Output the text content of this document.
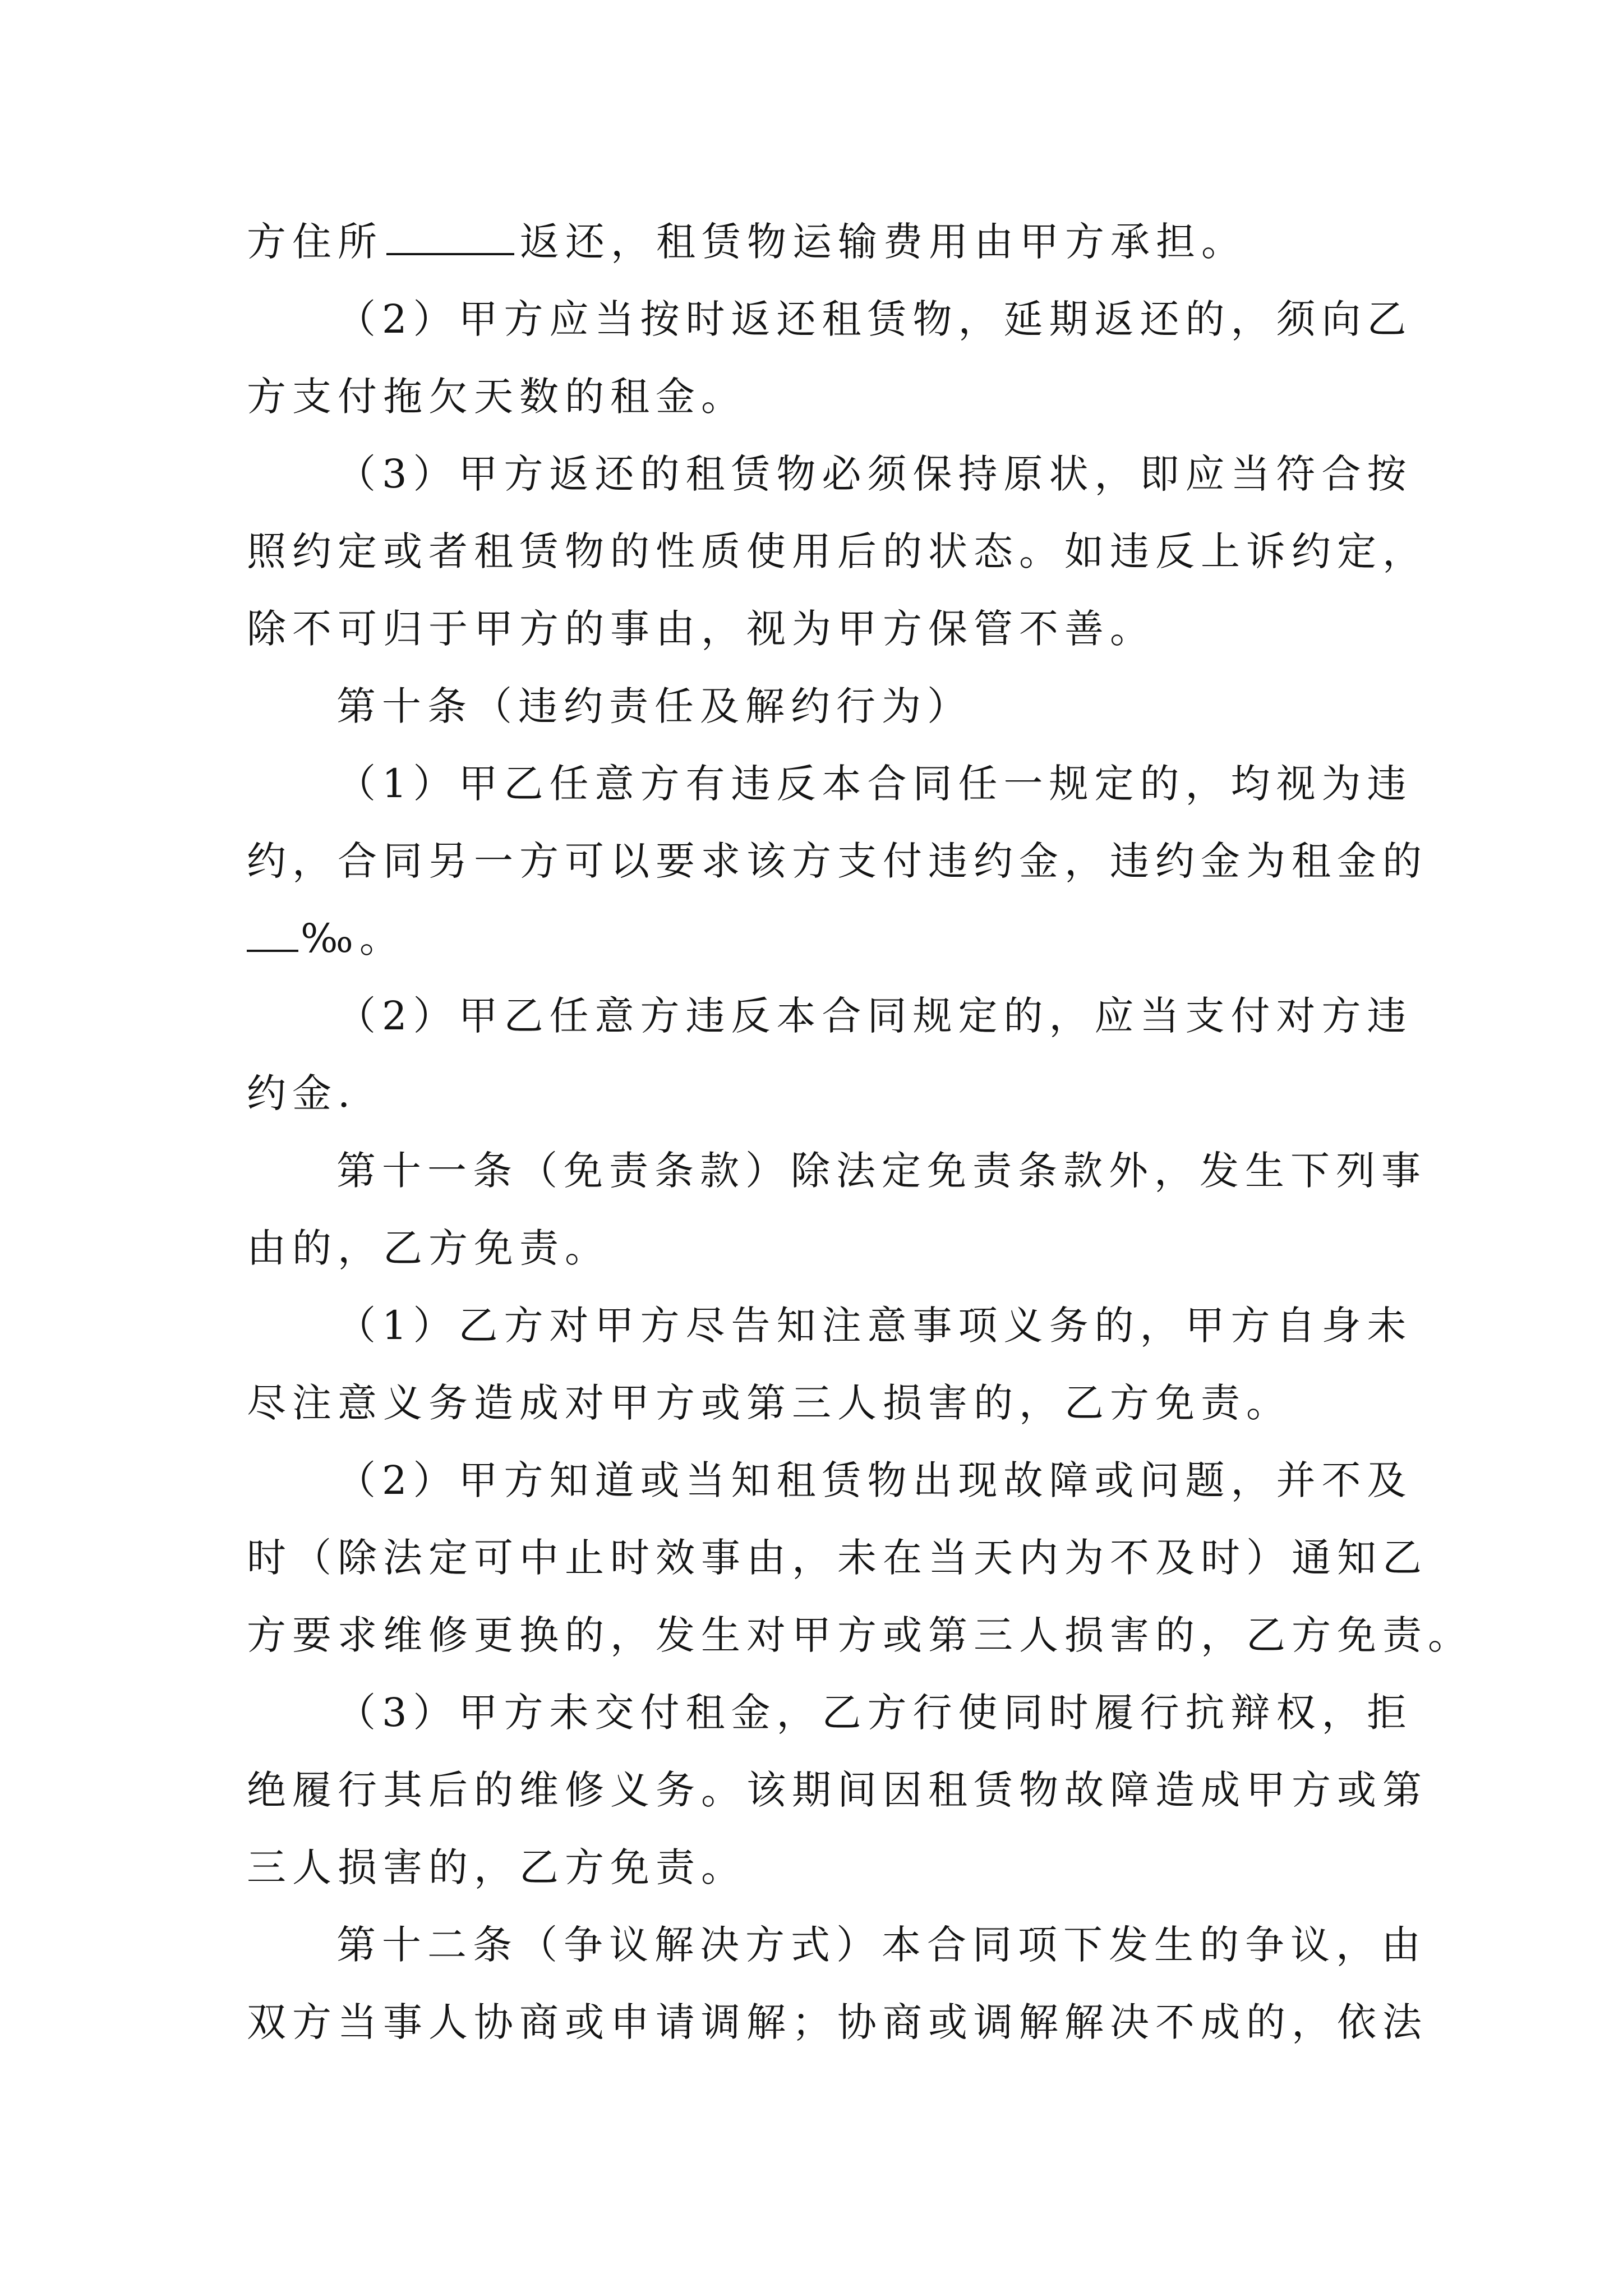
方住所	返还，租赁物运输费用由甲方承担。
（2）甲方应当按时返还租赁物，延期返还的，须向乙
方支付拖欠天数的租金。
（3）甲方返还的租赁物必须保持原状，即应当符合按
照约定或者租赁物的性质使用后的状态。如违反上诉约定，
除不可归于甲方的事由，视为甲方保管不善。
第十条（违约责任及解约行为）
（1）甲乙任意方有违反本合同任一规定的，均视为违
约，合同另一方可以要求该方支付违约金，违约金为租金的
‰。
（2）甲乙任意方违反本合同规定的，应当支付对方违
约金.
第十一条（免责条款）除法定免责条款外，发生下列事
由的，乙方免责。
（1）乙方对甲方尽告知注意事项义务的，甲方自身未
尽注意义务造成对甲方或第三人损害的，乙方免责。
（2）甲方知道或当知租赁物出现故障或问题，并不及
时（除法定可中止时效事由，未在当天内为不及时）通知乙
方要求维修更换的，发生对甲方或第三人损害的，乙方免责。
（3）甲方未交付租金，乙方行使同时履行抗辩权，拒
绝履行其后的维修义务。该期间因租赁物故障造成甲方或第
三人损害的，乙方免责。
第十二条（争议解决方式）本合同项下发生的争议，由
双方当事人协商或申请调解；协商或调解解决不成的，依法
